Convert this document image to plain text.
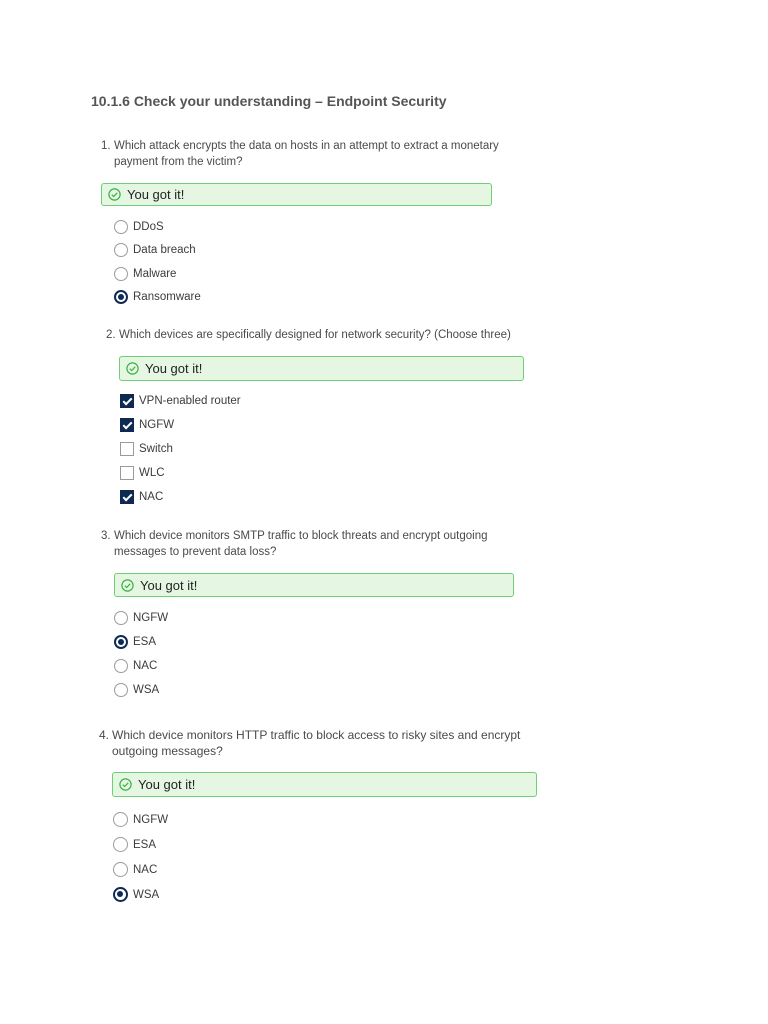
10.1.6 Check your understanding – Endpoint Security
1. Which attack encrypts the data on hosts in an attempt to extract a monetary payment from the victim?
You got it!
DDoS
Data breach
Malware
Ransomware
2. Which devices are specifically designed for network security? (Choose three)
You got it!
VPN-enabled router
NGFW
Switch
WLC
NAC
3. Which device monitors SMTP traffic to block threats and encrypt outgoing messages to prevent data loss?
You got it!
NGFW
ESA
NAC
WSA
4. Which device monitors HTTP traffic to block access to risky sites and encrypt outgoing messages?
You got it!
NGFW
ESA
NAC
WSA
